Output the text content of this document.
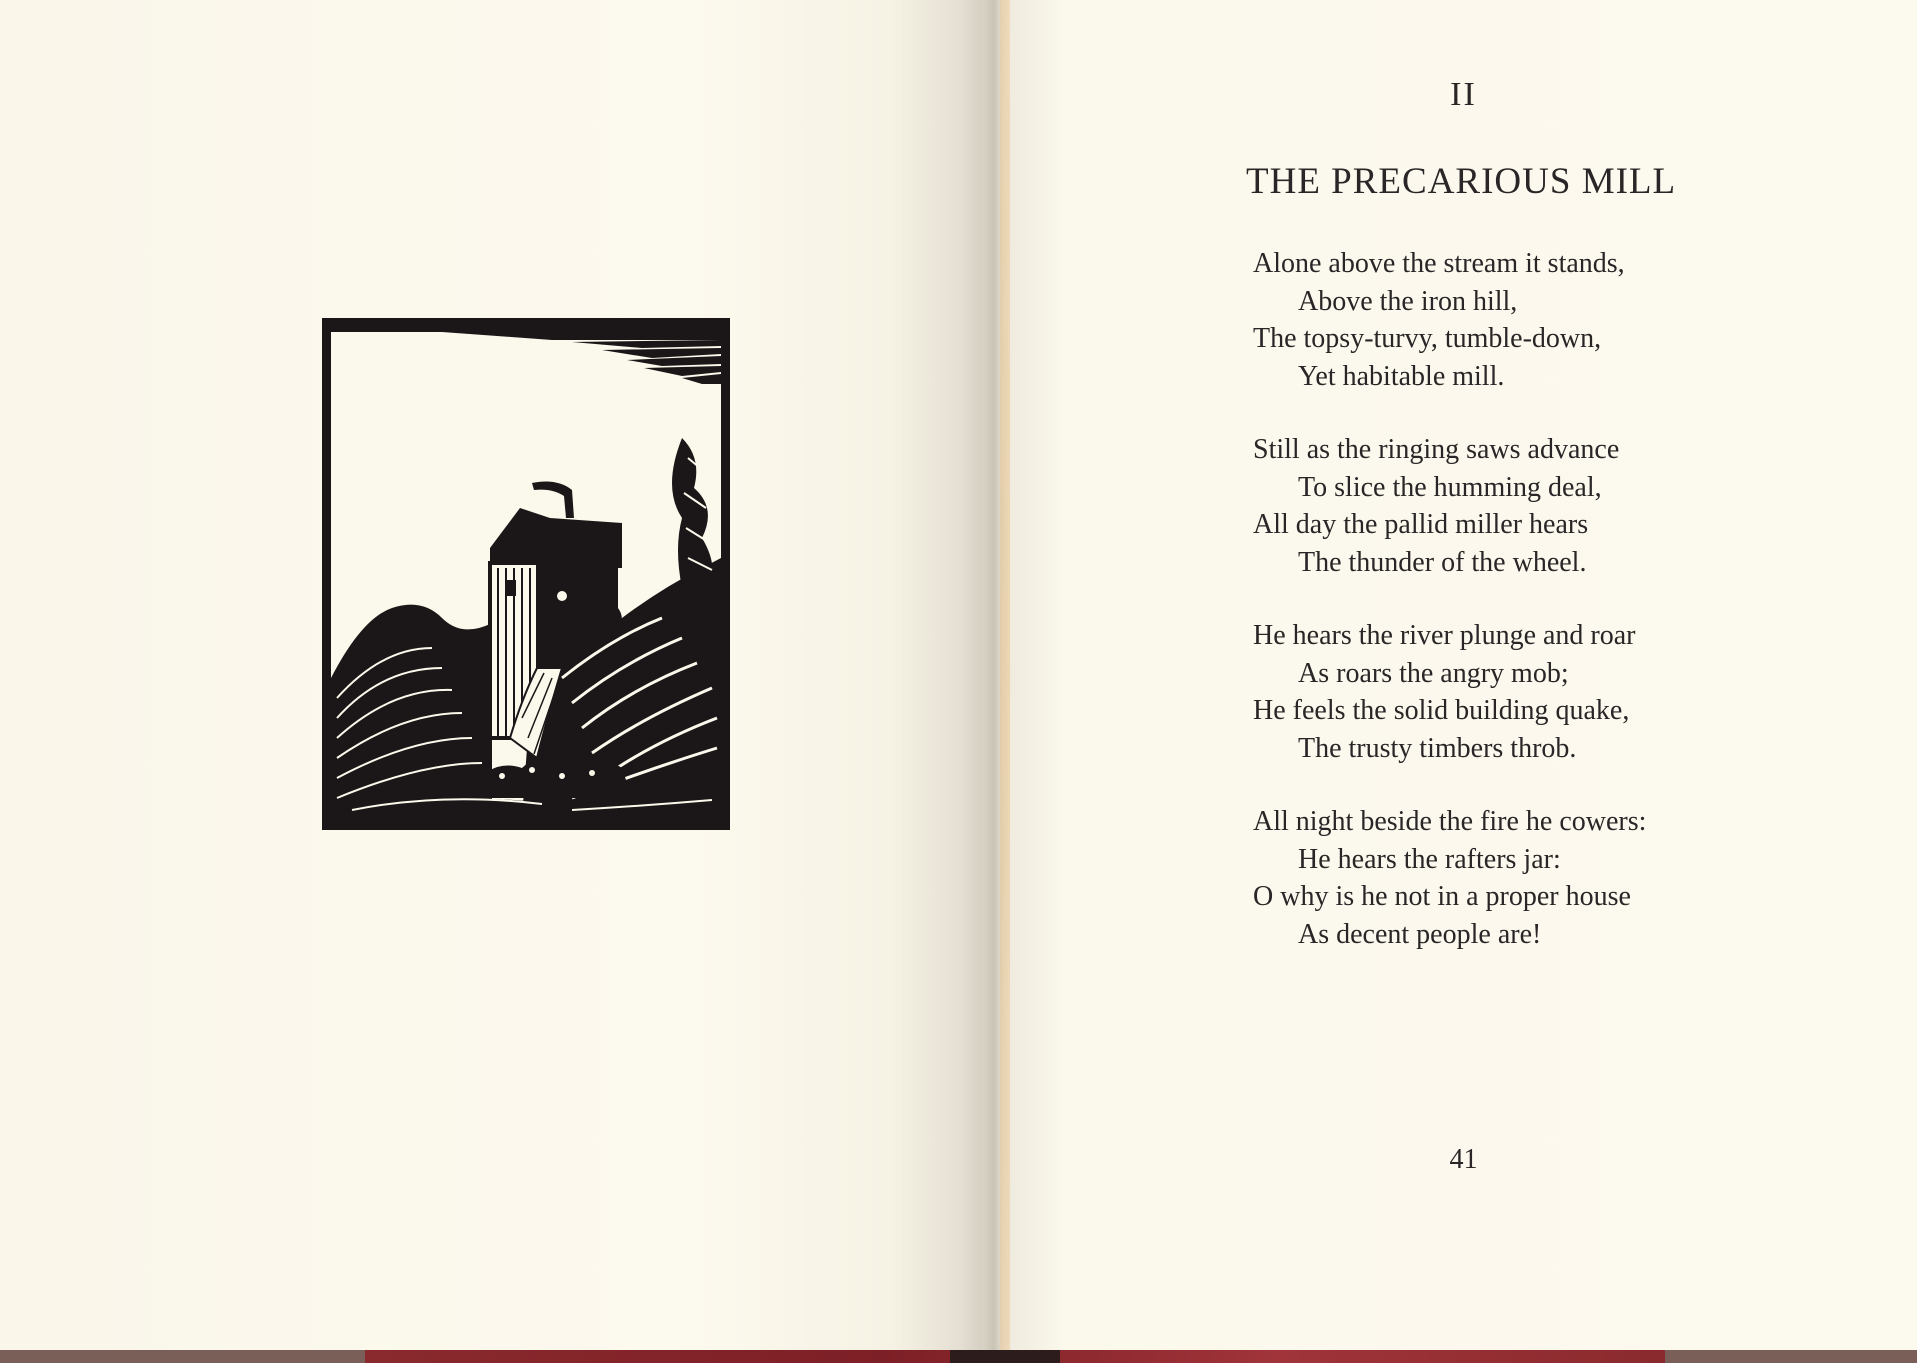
II
THE PRECARIOUS MILL
Alone above the stream it stands,
Above the iron hill,
The topsy-turvy, tumble-down,
Yet habitable mill.
Still as the ringing saws advance
To slice the humming deal,
All day the pallid miller hears
The thunder of the wheel.
He hears the river plunge and roar
As roars the angry mob;
He feels the solid building quake,
The trusty timbers throb.
All night beside the fire he cowers:
He hears the rafters jar:
O why is he not in a proper house
As decent people are!
41
